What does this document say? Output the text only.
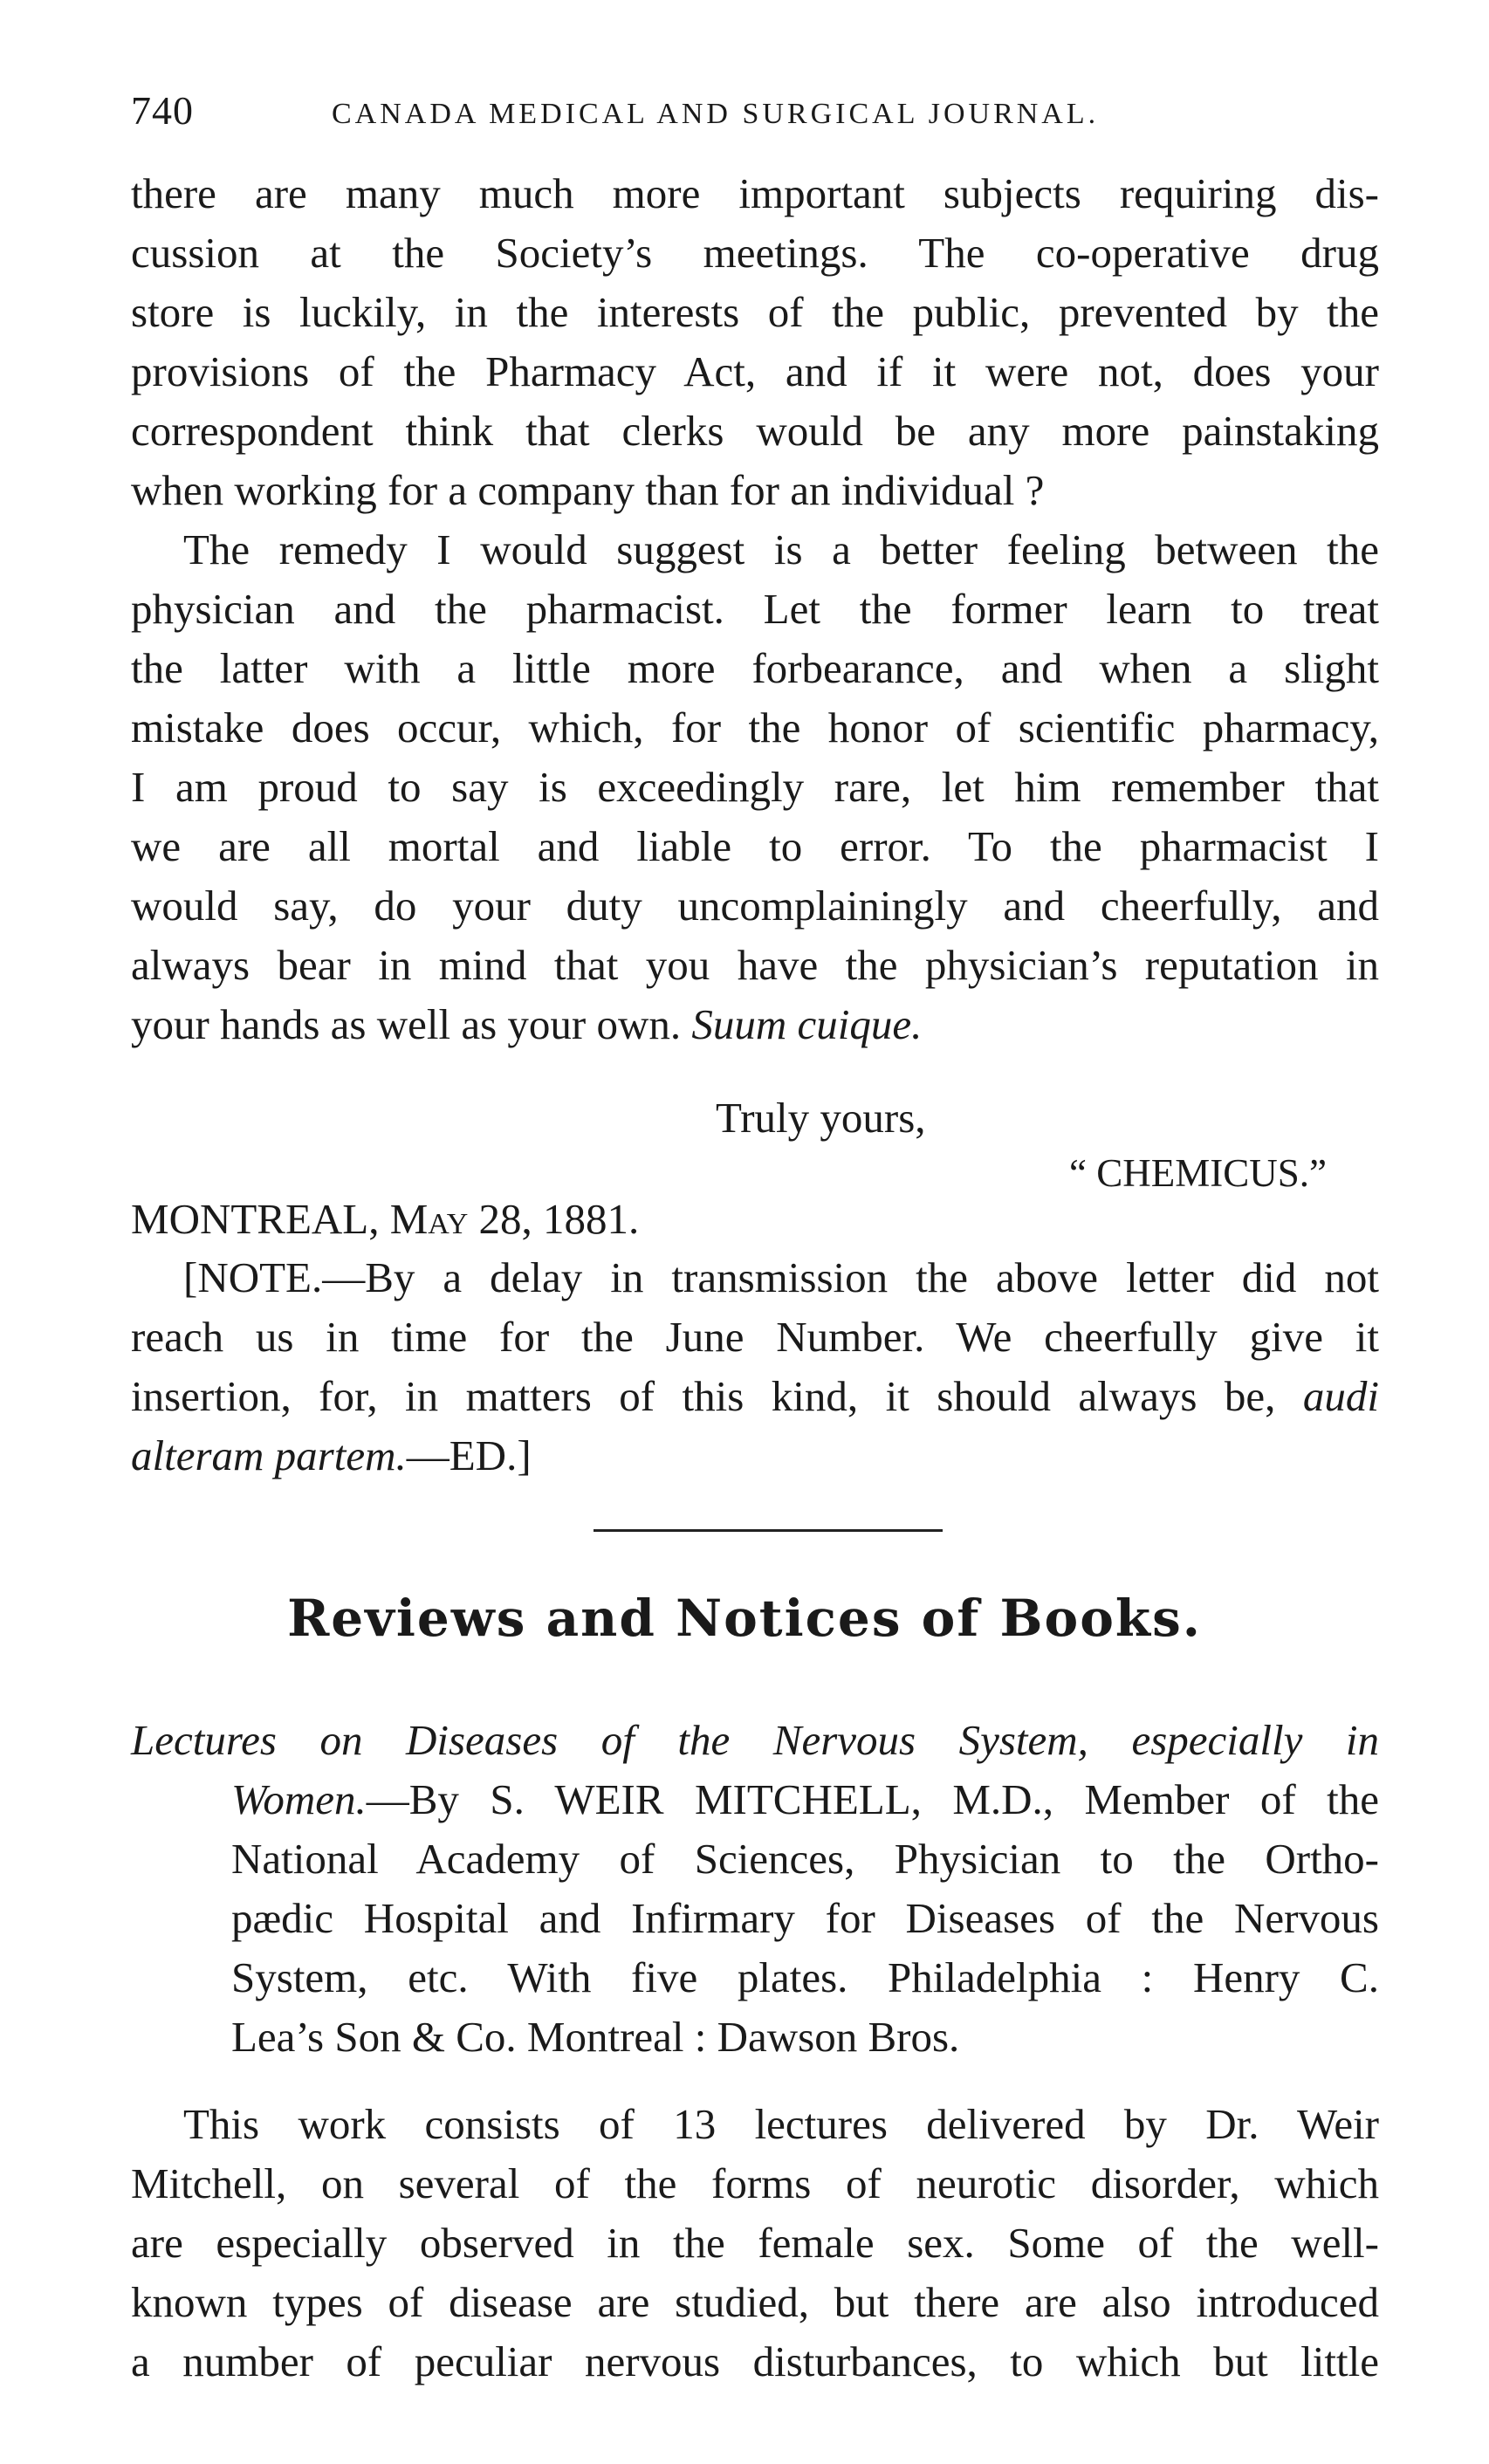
740	CANADA MEDICAL AND SURGICAL JOURNAL.
there are many much more important subjects requiring dis-
cussion at the Society’s meetings. The co-operative drug
store is luckily, in the interests of the public, prevented by the
provisions of the Pharmacy Act, and if it were not, does your
correspondent think that clerks would be any more painstaking
when working for a company than for an individual ?
The remedy I would suggest is a better feeling between the
physician and the pharmacist. Let the former learn to treat
the latter with a little more forbearance, and when a slight
mistake does occur, which, for the honor of scientific pharmacy,
I am proud to say is exceedingly rare, let him remember that
we are all mortal and liable to error. To the pharmacist I
would say, do your duty uncomplainingly and cheerfully, and
always bear in mind that you have the physician’s reputation in
your hands as well as your own. Suum cuique.
Truly yours,
“ CHEMICUS.”
MONTREAL, May 28, 1881.
[NOTE.—By a delay in transmission the above letter did not
reach us in time for the June Number. We cheerfully give it
insertion, for, in matters of this kind, it should always be, audi
alteram partem.—ED.]
Reviews and Notices of Books.
Lectures on Diseases of the Nervous System, especially in
Women.—By S. WEIR MITCHELL, M.D., Member of the
National Academy of Sciences, Physician to the Ortho-
pædic Hospital and Infirmary for Diseases of the Nervous
System, etc. With five plates. Philadelphia : Henry C.
Lea’s Son & Co. Montreal : Dawson Bros.
This work consists of 13 lectures delivered by Dr. Weir
Mitchell, on several of the forms of neurotic disorder, which
are especially observed in the female sex. Some of the well-
known types of disease are studied, but there are also introduced
a number of peculiar nervous disturbances, to which but little
